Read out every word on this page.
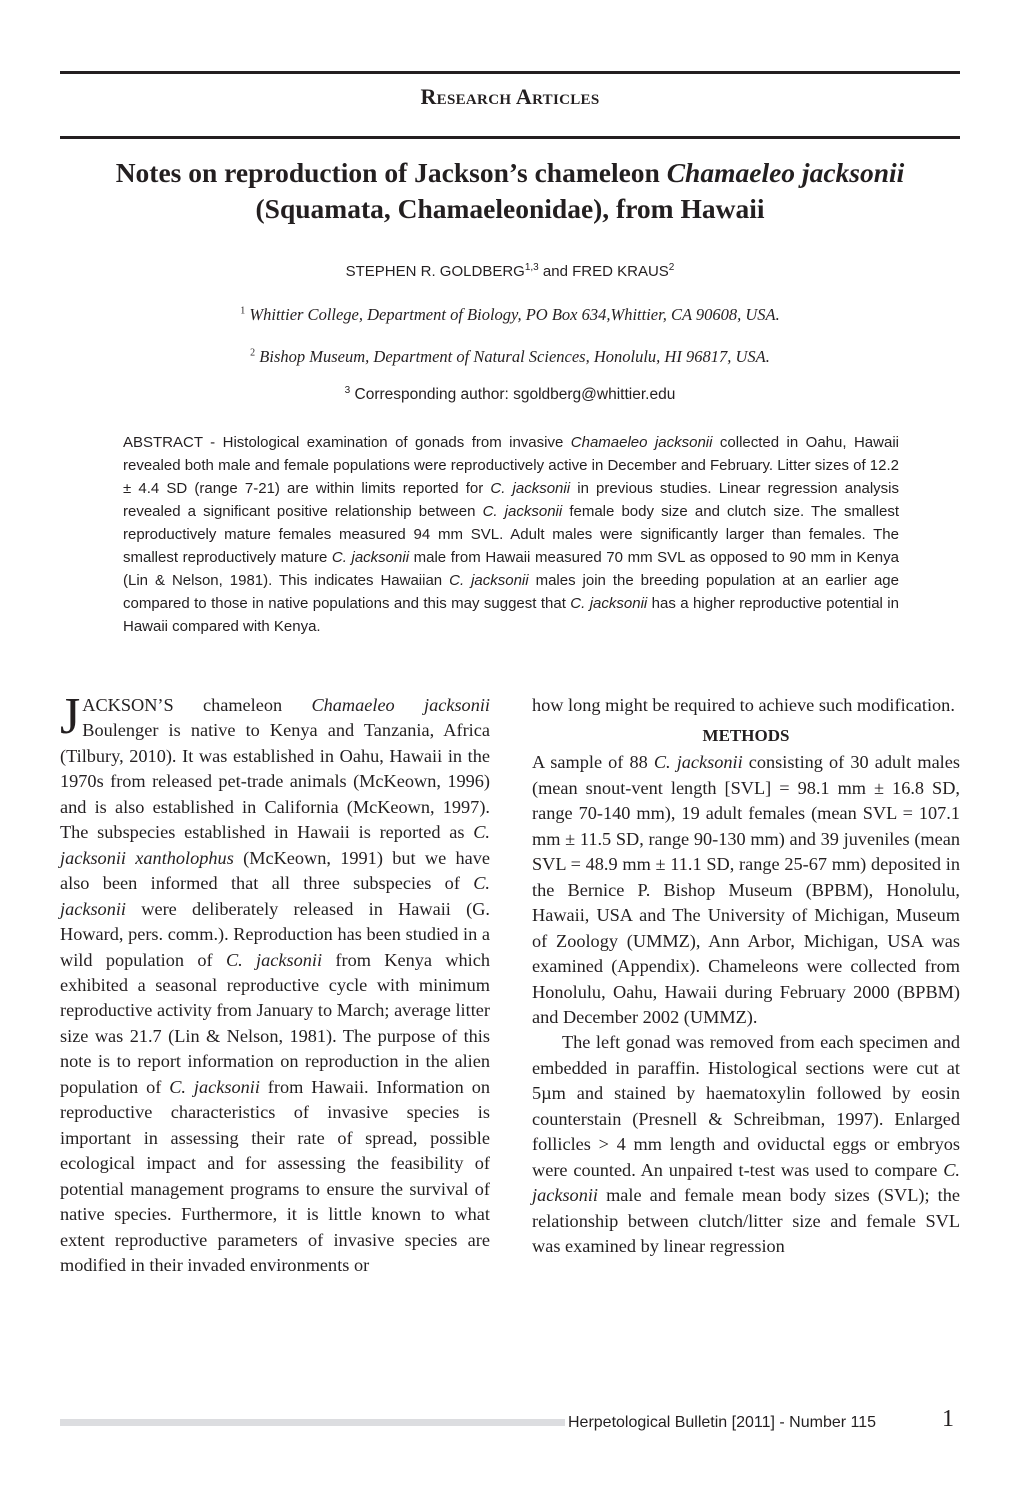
Research Articles
Notes on reproduction of Jackson’s chameleon Chamaeleo jacksonii
(Squamata, Chamaeleonidae), from Hawaii
STEPHEN R. GOLDBERG$^{1,3}$ and FRED KRAUS$^2$
$^1$ Whittier College, Department of Biology, PO Box 634,Whittier, CA 90608, USA.
$^2$ Bishop Museum, Department of Natural Sciences, Honolulu, HI 96817, USA.
$^3$ Corresponding author: sgoldberg@whittier.edu
ABSTRACT - Histological examination of gonads from invasive Chamaeleo jacksonii collected in Oahu, Hawaii revealed both male and female populations were reproductively active in December and February. Litter sizes of 12.2 ± 4.4 SD (range 7-21) are within limits reported for C. jacksonii in previous studies. Linear regression analysis revealed a significant positive relationship between C. jacksonii female body size and clutch size. The smallest reproductively mature females measured 94 mm SVL. Adult males were significantly larger than females. The smallest reproductively mature C. jacksonii male from Hawaii measured 70 mm SVL as opposed to 90 mm in Kenya (Lin & Nelson, 1981). This indicates Hawaiian C. jacksonii males join the breeding population at an earlier age compared to those in native populations and this may suggest that C. jacksonii has a higher reproductive potential in Hawaii compared with Kenya.

JACKSON’S chameleon Chamaeleo jacksonii Boulenger is native to Kenya and Tanzania, Africa (Tilbury, 2010). It was established in Oahu, Hawaii in the 1970s from released pet-trade animals (McKeown, 1996) and is also established in California (McKeown, 1997). The subspecies established in Hawaii is reported as C. jacksonii xantholophus (McKeown, 1991) but we have also been informed that all three subspecies of C. jacksonii were deliberately released in Hawaii (G. Howard, pers. comm.). Reproduction has been studied in a wild population of C. jacksonii from Kenya which exhibited a seasonal reproductive cycle with minimum reproductive activity from January to March; average litter size was 21.7 (Lin & Nelson, 1981). The purpose of this note is to report information on reproduction in the alien population of C. jacksonii from Hawaii. Information on reproductive characteristics of invasive species is important in assessing their rate of spread, possible ecological impact and for assessing the feasibility of potential management programs to ensure the survival of native species. Furthermore, it is little known to what extent reproductive parameters of invasive species are modified in their invaded environments or

how long might be required to achieve such modification.

METHODS

A sample of 88 C. jacksonii consisting of 30 adult males (mean snout-vent length [SVL] = 98.1 mm ± 16.8 SD, range 70-140 mm), 19 adult females (mean SVL = 107.1 mm ± 11.5 SD, range 90-130 mm) and 39 juveniles (mean SVL = 48.9 mm ± 11.1 SD, range 25-67 mm) deposited in the Bernice P. Bishop Museum (BPBM), Honolulu, Hawaii, USA and The University of Michigan, Museum of Zoology (UMMZ), Ann Arbor, Michigan, USA was examined (Appendix). Chameleons were collected from Honolulu, Oahu, Hawaii during February 2000 (BPBM) and December 2002 (UMMZ).

The left gonad was removed from each specimen and embedded in paraffin. Histological sections were cut at 5µm and stained by haematoxylin followed by eosin counterstain (Presnell & Schreibman, 1997). Enlarged follicles > 4 mm length and oviductal eggs or embryos were counted. An unpaired t-test was used to compare C. jacksonii male and female mean body sizes (SVL); the relationship between clutch/litter size and female SVL was examined by linear regression

Herpetological Bulletin [2011] - Number 115	1
